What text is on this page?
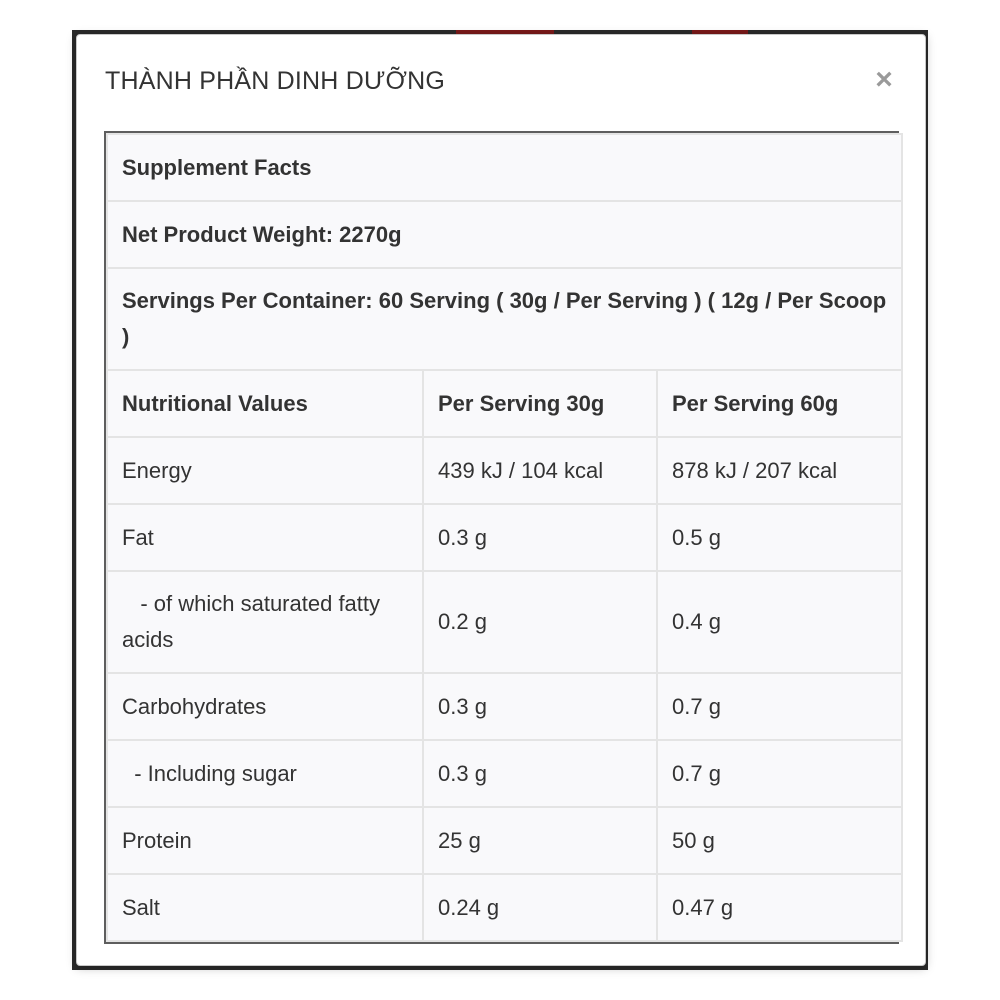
THÀNH PHẦN DINH DƯỠNG	×
Supplement Facts		
Net Product Weight: 2270g		
Servings Per Container: 60 Serving ( 30g / Per Serving ) ( 12g / Per Scoop )		
Nutritional Values	Per Serving 30g	Per Serving 60g
Energy	439 kJ / 104 kcal	878 kJ / 207 kcal
Fat	0.3 g	0.5 g
- of which saturated fatty acids	0.2 g	0.4 g
Carbohydrates	0.3 g	0.7 g
- Including sugar	0.3 g	0.7 g
Protein	25 g	50 g
Salt	0.24 g	0.47 g
